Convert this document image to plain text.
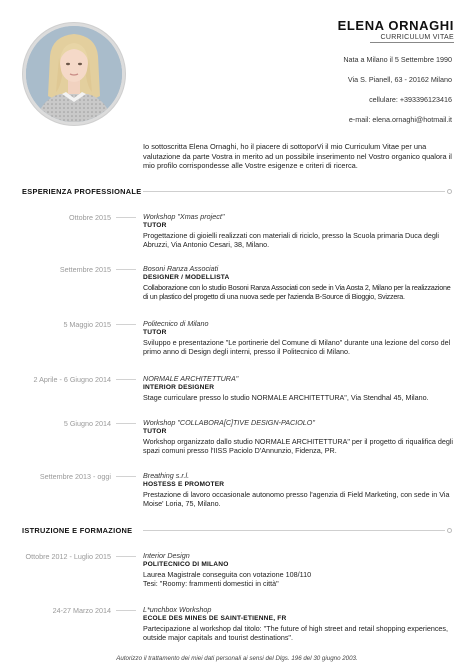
ELENA ORNAGHI
CURRICULUM VITAE
Nata a Milano il 5 Settembre 1990
Via S. Pianell, 63 - 20162 Milano
cellulare: +393396123416
e-mail: elena.ornaghi@hotmail.it
Io sottoscritta Elena Ornaghi, ho il piacere di sottoporVi il mio Curriculum Vitae per una valutazione da parte Vostra in merito ad un possibile inserimento nel Vostro organico qualora il mio profilo corrispondesse alle Vostre esigenze e criteri di ricerca.
ESPERIENZA PROFESSIONALE
Ottobre 2015	Workshop "Xmas project"
TUTOR
Progettazione di gioielli realizzati con materiali di riciclo, presso la Scuola primaria Duca degli Abruzzi, Via Antonio Cesari, 38, Milano.
Settembre 2015	Bosoni Ranza Associati
DESIGNER / MODELLISTA
Collaborazione con lo studio Bosoni Ranza Associati con sede in Via Aosta 2, Milano per la realizzazione di un plastico del progetto di una nuova sede per l'azienda B-Source di Bioggio, Svizzera.
5 Maggio 2015	Politecnico di Milano
TUTOR
Sviluppo e presentazione "Le portinerie del Comune di Milano" durante una lezione del corso del primo anno di Design degli interni, presso il Politecnico di Milano.
2 Aprile - 6 Giugno 2014	NORMALE ARCHITETTURA"
INTERIOR DESIGNER
Stage curriculare presso lo studio NORMALE ARCHITETTURA", Via Stendhal 45, Milano.
5 Giugno 2014	Workshop "COLLABORA[C]TIVE DESIGN-PACIOLO"
TUTOR
Workshop organizzato dallo studio NORMALE ARCHITETTURA" per il progetto di riqualifica degli spazi comuni presso l'IISS Paciolo D'Annunzio, Fidenza, PR.
Settembre 2013 - oggi	Breathing s.r.l.
HOSTESS E PROMOTER
Prestazione di lavoro occasionale autonomo presso l'agenzia di Field Marketing, con sede in Via Moise' Loria, 75, Milano.
ISTRUZIONE E FORMAZIONE
Ottobre 2012 - Luglio 2015	Interior Design
POLITECNICO DI MILANO
Laurea Magistrale conseguita con votazione 108/110
Tesi: "Roomy: frammenti domestici in città"
24-27 Marzo 2014	L*unchbox Workshop
ECOLE DES MINES DE SAINT-ETIENNE, FR
Partecipazione al workshop dal titolo: "The future of high street and retail shopping experiences, outside major capitals and tourist destinations".
Autorizzo il trattamento dei miei dati personali ai sensi del Dlgs. 196 del 30 giugno 2003.
